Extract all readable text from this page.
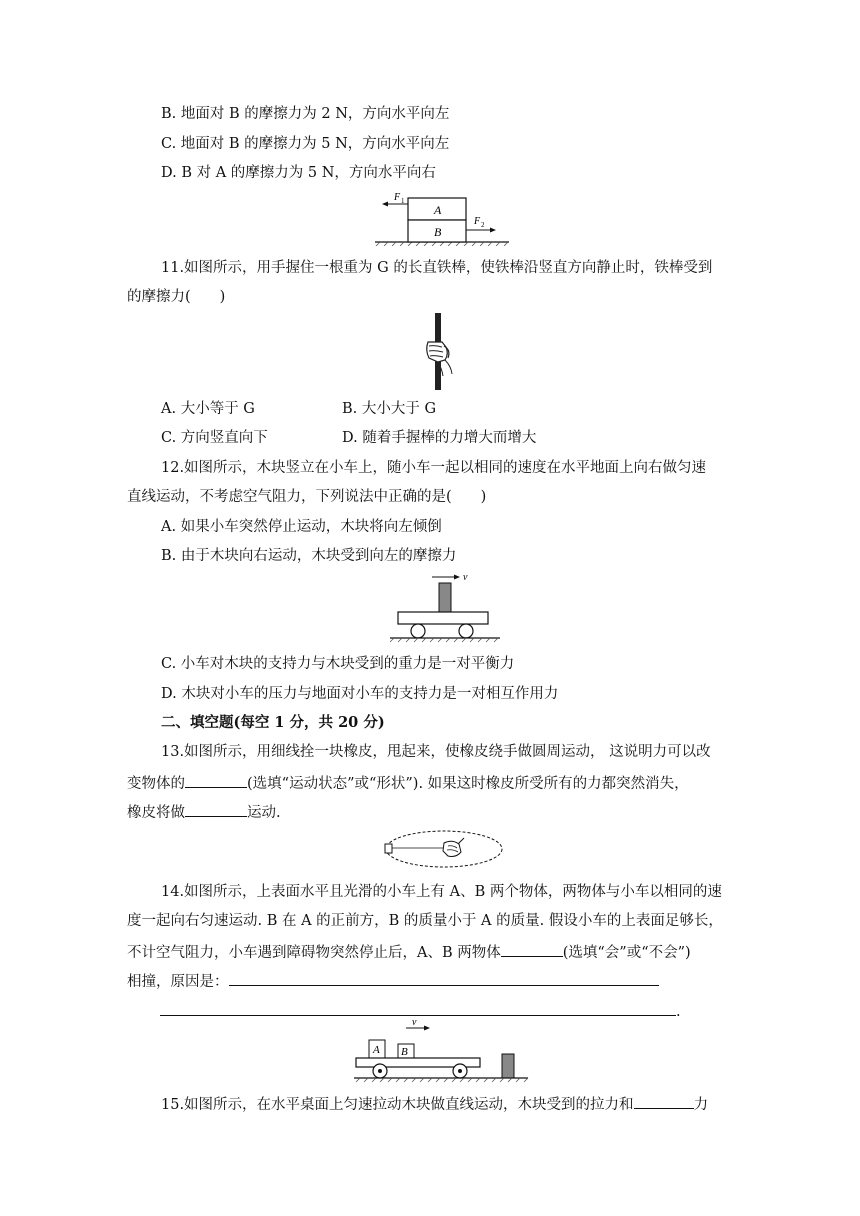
B. 地面对 B 的摩擦力为 2 N，方向水平向左
C. 地面对 B 的摩擦力为 5 N，方向水平向左
D. B 对 A 的摩擦力为 5 N，方向水平向右
A
B
F 1
F 2
11.如图所示，用手握住一根重为 G 的长直铁棒，使铁棒沿竖直方向静止时，铁棒受到
的摩擦力(　　)
A. 大小等于 G	B. 大小大于 G
C. 方向竖直向下	D. 随着手握棒的力增大而增大
12.如图所示，木块竖立在小车上，随小车一起以相同的速度在水平地面上向右做匀速
直线运动，不考虑空气阻力，下列说法中正确的是(　　)
A. 如果小车突然停止运动，木块将向左倾倒
B. 由于木块向右运动，木块受到向左的摩擦力
v
C. 小车对木块的支持力与木块受到的重力是一对平衡力
D. 木块对小车的压力与地面对小车的支持力是一对相互作用力
二、填空题(每空 1 分，共 20 分)
13.如图所示，用细线拴一块橡皮，甩起来，使橡皮绕手做圆周运动， 这说明力可以改
变物体的	(选填“运动状态”或“形状”). 如果这时橡皮所受所有的力都突然消失，
橡皮将做	运动.
14.如图所示，上表面水平且光滑的小车上有 A、B 两个物体，两物体与小车以相同的速
度一起向右匀速运动. B 在 A 的正前方，B 的质量小于 A 的质量. 假设小车的上表面足够长，
不计空气阻力，小车遇到障碍物突然停止后，A、B 两物体	(选填“会”或“不会”)
相撞，原因是：
.
v
A B
15.如图所示，在水平桌面上匀速拉动木块做直线运动，木块受到的拉力和	力
